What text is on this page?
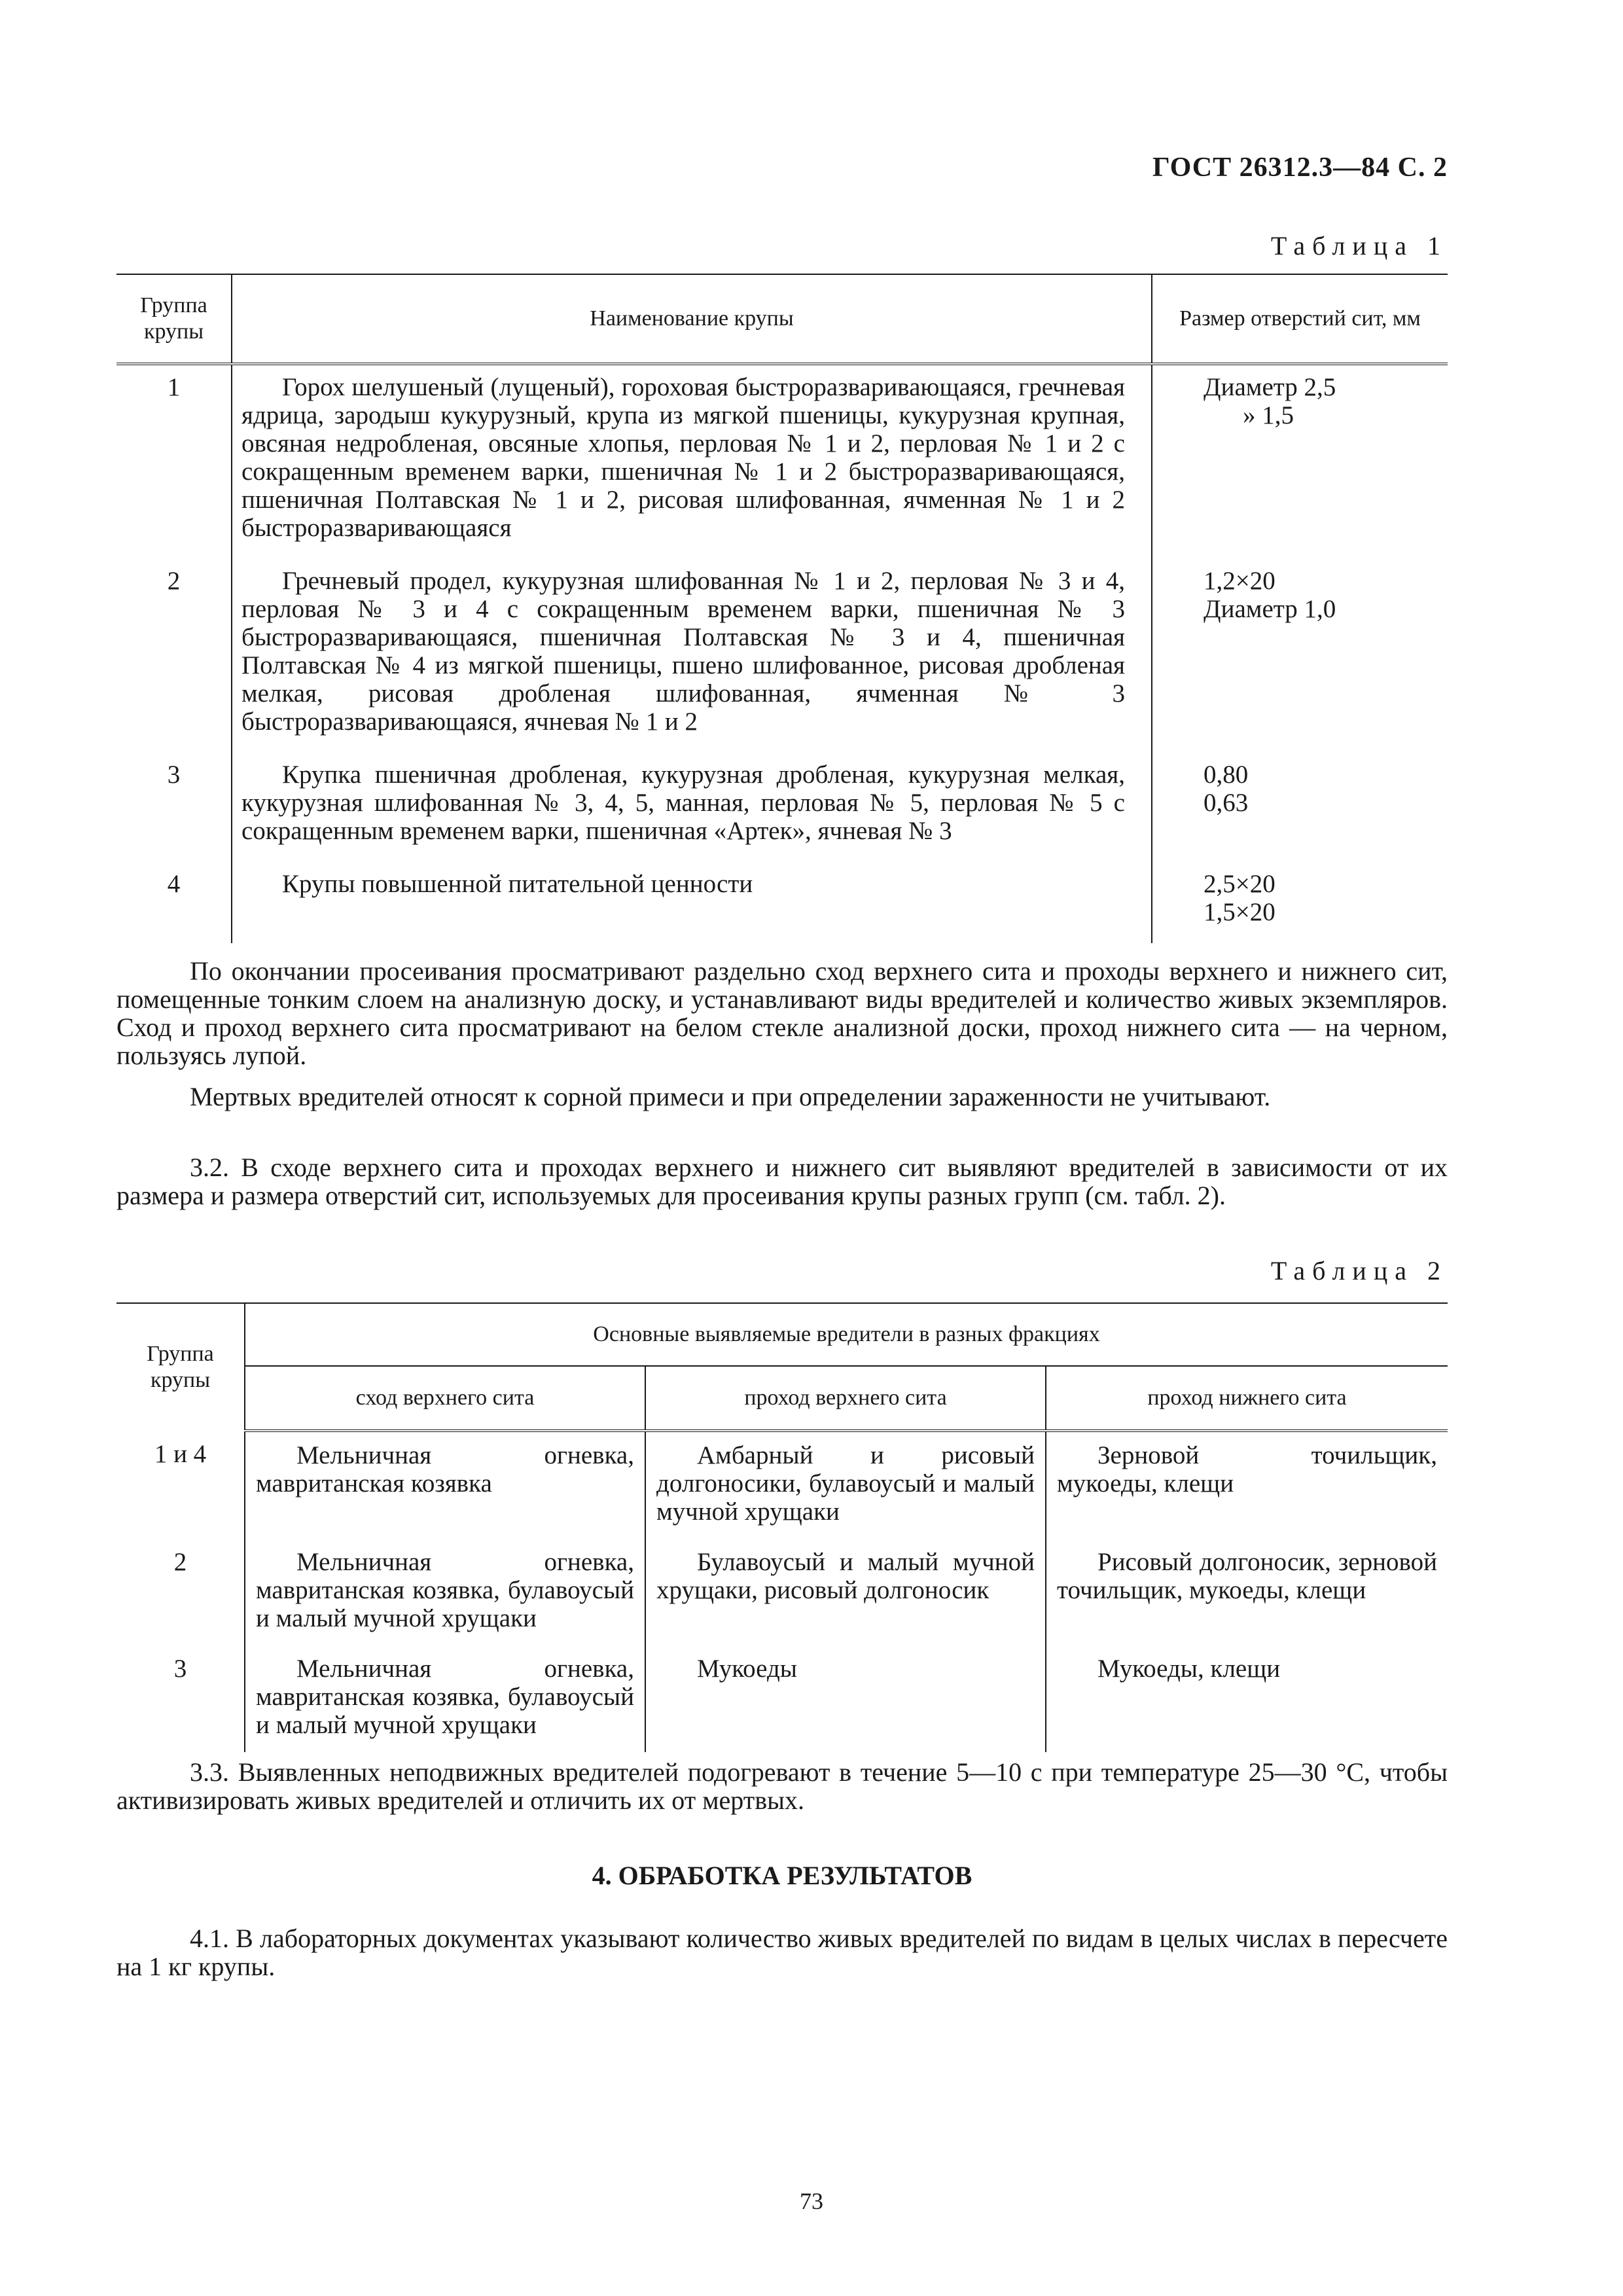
ГОСТ 26312.3—84 С. 2
Таблица 1
Группа крупы	Наименование крупы	Размер отверстий сит, мм
1	Горох шелушеный (лущеный), гороховая быстроразваривающаяся, гречневая ядрица, зародыш кукурузный, крупа из мягкой пшеницы, кукурузная крупная, овсяная недробленая, овсяные хлопья, перловая № 1 и 2, перловая № 1 и 2 с сокращенным временем варки, пшеничная № 1 и 2 быстроразваривающаяся, пшеничная Полтавская № 1 и 2, рисовая шлифованная, ячменная № 1 и 2 быстроразваривающаяся	Диаметр 2,5
» 1,5

2	Гречневый продел, кукурузная шлифованная № 1 и 2, перловая № 3 и 4, перловая № 3 и 4 с сокращенным временем варки, пшеничная № 3 быстроразваривающаяся, пшеничная Полтавская № 3 и 4, пшеничная Полтавская № 4 из мягкой пшеницы, пшено шлифованное, рисовая дробленая мелкая, рисовая дробленая шлифованная, ячменная № 3 быстроразваривающаяся, ячневая № 1 и 2	1,2×20
Диаметр 1,0

3	Крупка пшеничная дробленая, кукурузная дробленая, кукурузная мелкая, кукурузная шлифованная № 3, 4, 5, манная, перловая № 5, перловая № 5 с сокращенным временем варки, пшеничная «Артек», ячневая № 3	0,80
0,63

4	Крупы повышенной питательной ценности	2,5×20
1,5×20

По окончании просеивания просматривают раздельно сход верхнего сита и проходы верхнего и нижнего сит, помещенные тонким слоем на анализную доску, и устанавливают виды вредителей и количество живых экземпляров. Сход и проход верхнего сита просматривают на белом стекле анализной доски, проход нижнего сита — на черном, пользуясь лупой.

Мертвых вредителей относят к сорной примеси и при определении зараженности не учитывают.

3.2. В сходе верхнего сита и проходах верхнего и нижнего сит выявляют вредителей в зависимости от их размера и размера отверстий сит, используемых для просеивания крупы разных групп (см. табл. 2).

Таблица 2
Группа крупы	Основные выявляемые вредители в разных фракциях		
	сход верхнего сита	проход верхнего сита	проход нижнего сита
1 и 4	Мельничная огневка, мавританская козявка	Амбарный и рисовый долгоносики, булавоусый и малый мучной хрущаки	Зерновой точильщик, мукоеды, клещи
2	Мельничная огневка, мавританская козявка, булавоусый и малый мучной хрущаки	Булавоусый и малый мучной хрущаки, рисовый долгоносик	Рисовый долгоносик, зерновой точильщик, мукоеды, клещи
3	Мельничная огневка, мавританская козявка, булавоусый и малый мучной хрущаки	Мукоеды	Мукоеды, клещи

3.3. Выявленных неподвижных вредителей подогревают в течение 5—10 с при температуре 25—30 °С, чтобы активизировать живых вредителей и отличить их от мертвых.

4. ОБРАБОТКА РЕЗУЛЬТАТОВ

4.1. В лабораторных документах указывают количество живых вредителей по видам в целых числах в пересчете на 1 кг крупы.

73
